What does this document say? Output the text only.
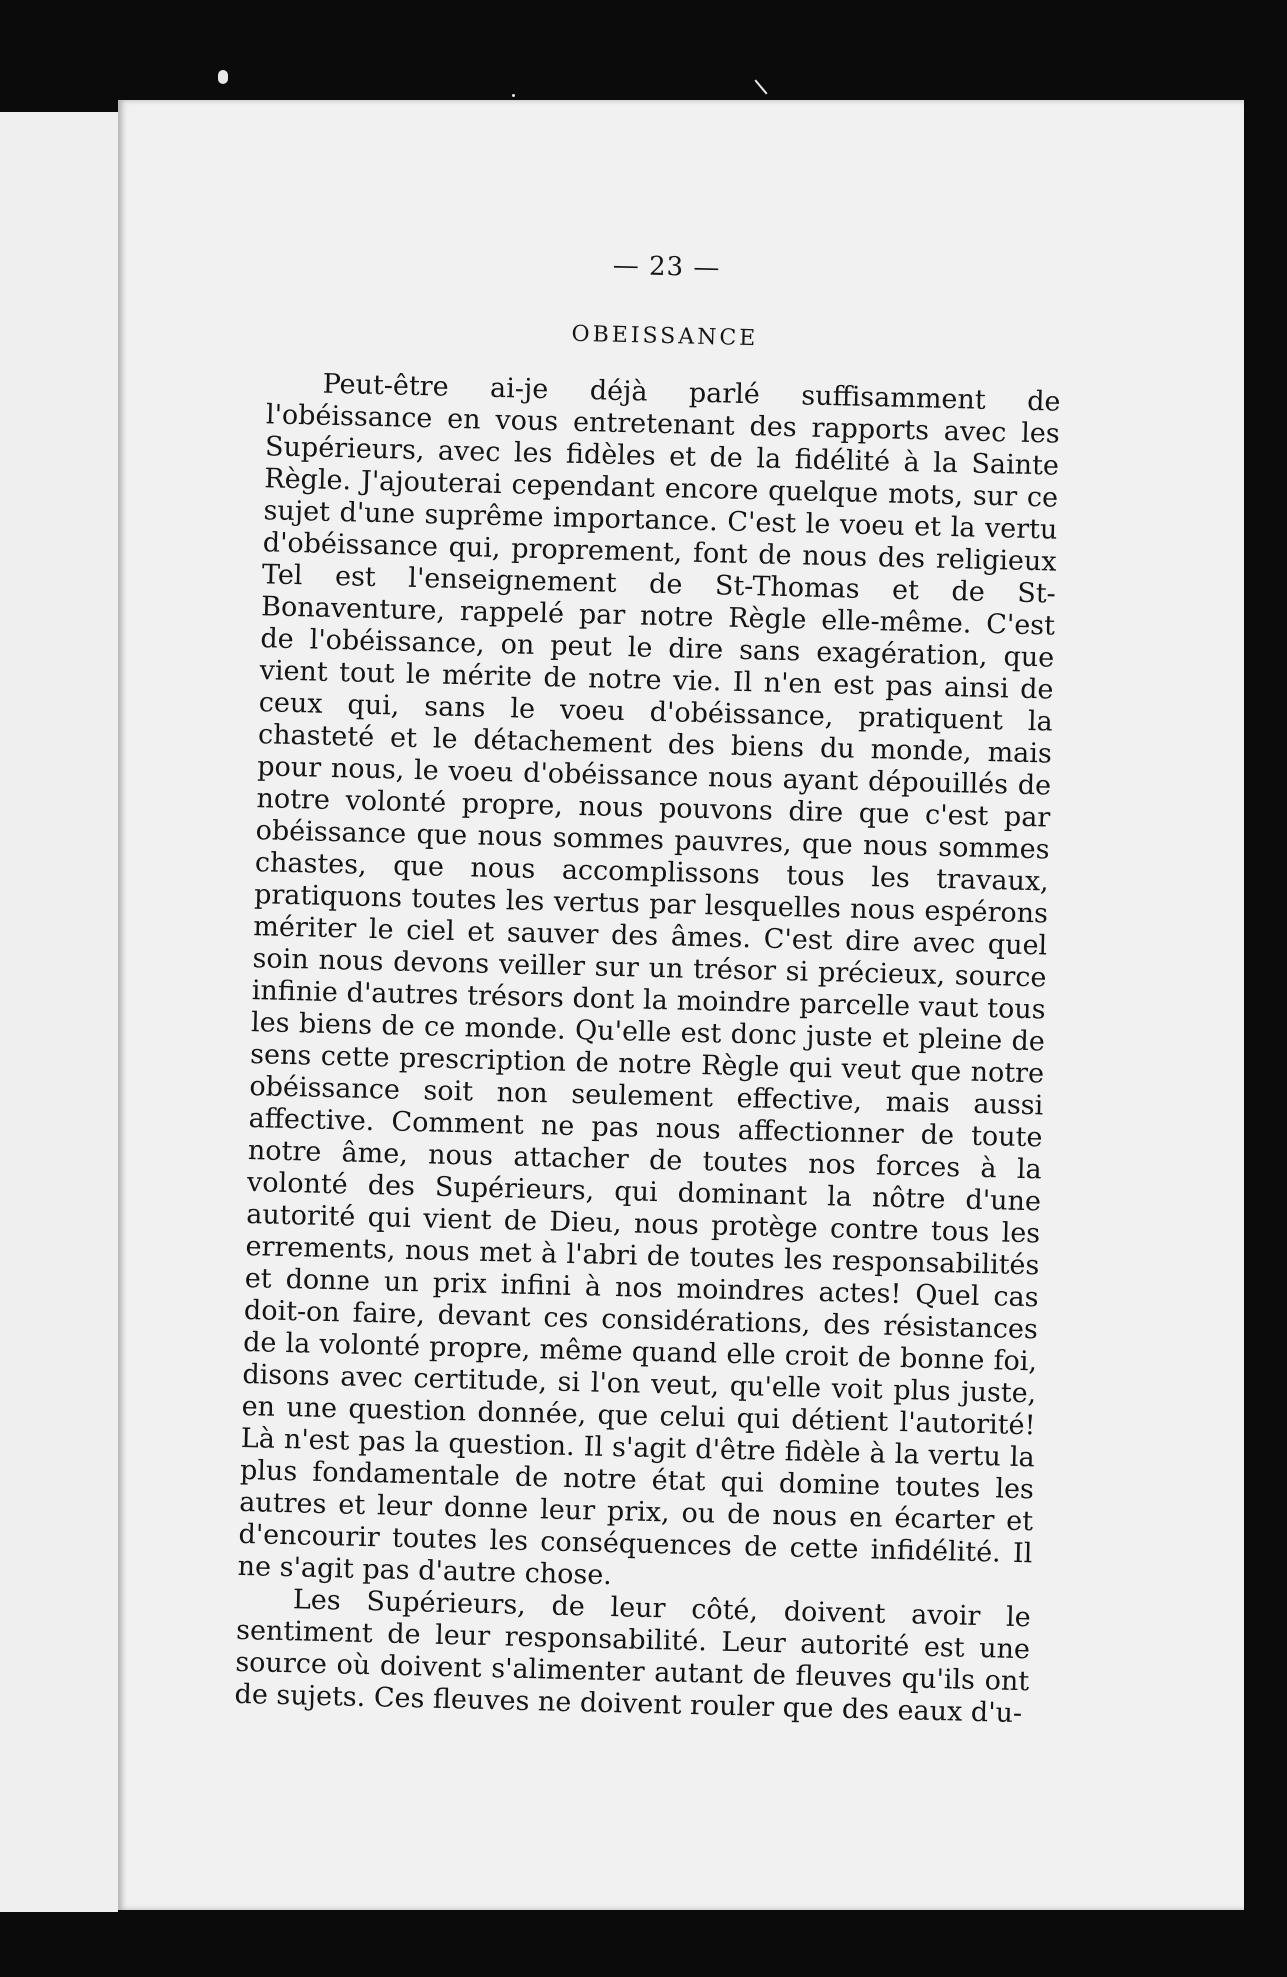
— 23 —
OBEISSANCE

Peut-être ai-je déjà parlé suffisamment de l'obéissance en vous entretenant des rapports avec les Supérieurs, avec les fidèles et de la fidélité à la Sainte Règle. J'ajouterai cependant encore quelque mots, sur ce sujet d'une suprême importance. C'est le voeu et la vertu d'obéissance qui, proprement, font de nous des religieux Tel est l'enseignement de St-Thomas et de St-Bonaventure, rappelé par notre Règle elle-même. C'est de l'obéissance, on peut le dire sans exagération, que vient tout le mérite de notre vie. Il n'en est pas ainsi de ceux qui, sans le voeu d'obéissance, pratiquent la chasteté et le détachement des biens du monde, mais pour nous, le voeu d'obéissance nous ayant dépouillés de notre volonté propre, nous pouvons dire que c'est par obéissance que nous sommes pauvres, que nous sommes chastes, que nous accomplissons tous les travaux, pratiquons toutes les vertus par lesquelles nous espérons mériter le ciel et sauver des âmes. C'est dire avec quel soin nous devons veiller sur un trésor si précieux, source infinie d'autres trésors dont la moindre parcelle vaut tous les biens de ce monde. Qu'elle est donc juste et pleine de sens cette prescription de notre Règle qui veut que notre obéissance soit non seulement effective, mais aussi affective. Comment ne pas nous affectionner de toute notre âme, nous attacher de toutes nos forces à la volonté des Supérieurs, qui dominant la nôtre d'une autorité qui vient de Dieu, nous protège contre tous les errements, nous met à l'abri de toutes les responsabilités et donne un prix infini à nos moindres actes! Quel cas doit-on faire, devant ces considérations, des résistances de la volonté propre, même quand elle croit de bonne foi, disons avec certitude, si l'on veut, qu'elle voit plus juste, en une question donnée, que celui qui détient l'autorité! Là n'est pas la question. Il s'agit d'être fidèle à la vertu la plus fondamentale de notre état qui domine toutes les autres et leur donne leur prix, ou de nous en écarter et d'encourir toutes les conséquences de cette infidélité. Il ne s'agit pas d'autre chose.

Les Supérieurs, de leur côté, doivent avoir le sentiment de leur responsabilité. Leur autorité est une source où doivent s'alimenter autant de fleuves qu'ils ont de sujets. Ces fleuves ne doivent rouler que des eaux d'u-
